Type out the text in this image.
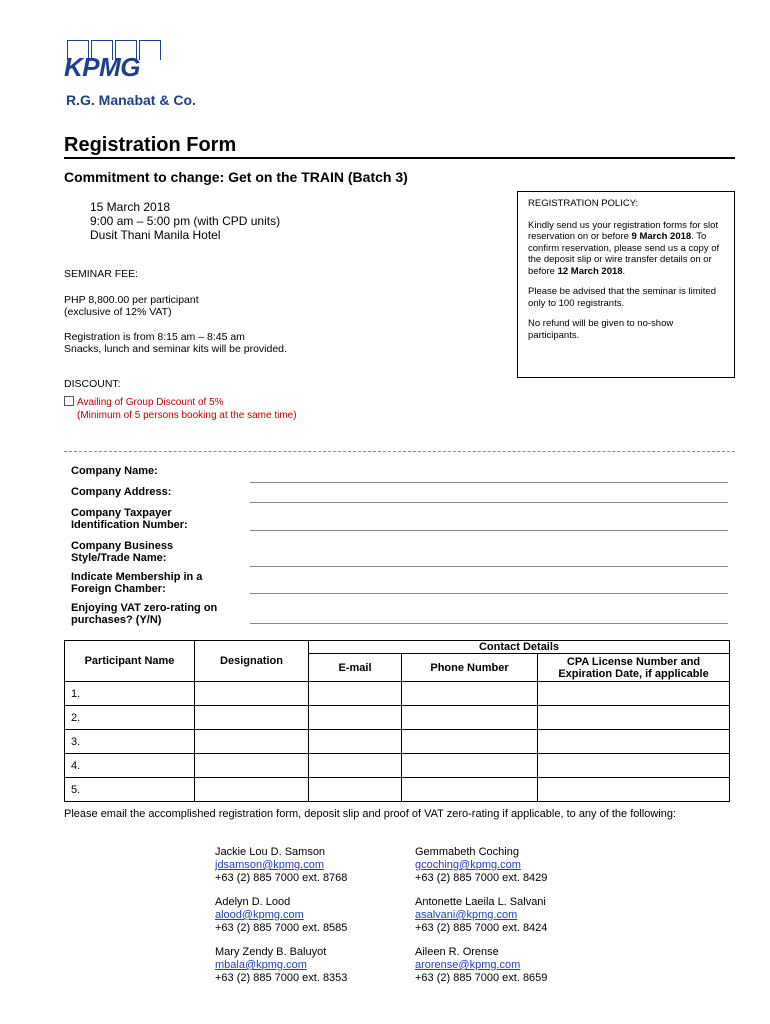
KPMG
R.G. Manabat & Co.
Registration Form
Commitment to change: Get on the TRAIN (Batch 3)
15 March 2018
9:00 am – 5:00 pm (with CPD units)
Dusit Thani Manila Hotel
SEMINAR FEE:
PHP 8,800.00 per participant
(exclusive of 12% VAT)
Registration is from 8:15 am – 8:45 am
Snacks, lunch and seminar kits will be provided.

REGISTRATION POLICY:

Kindly send us your registration forms for slot reservation on or before 9 March 2018. To confirm reservation, please send us a copy of the deposit slip or wire transfer details on or before 12 March 2018.

Please be advised that the seminar is limited only to 100 registrants.

No refund will be given to no-show participants.

DISCOUNT:
Availing of Group Discount of 5%
(Minimum of 5 persons booking at the same time)
Company Name:
Company Address:
Company Taxpayer
Identification Number:
Company Business
Style/Trade Name:
Indicate Membership in a
Foreign Chamber:
Enjoying VAT zero-rating on
purchases? (Y/N)
Participant Name	Designation	Contact Details		
		E-mail	Phone Number	CPA License Number and
Expiration Date, if applicable

1.				
2.				
3.				
4.				
5.				
Please email the accomplished registration form, deposit slip and proof of VAT zero-rating if applicable, to any of the following:
Jackie Lou D. Samson
jdsamson@kpmg.com
+63 (2) 885 7000 ext. 8768
Gemmabeth Coching
gcoching@kpmg.com
+63 (2) 885 7000 ext. 8429
Adelyn D. Lood
alood@kpmg.com
+63 (2) 885 7000 ext. 8585
Antonette Laeila L. Salvani
asalvani@kpmg.com
+63 (2) 885 7000 ext. 8424
Mary Zendy B. Baluyot
mbala@kpmg.com
+63 (2) 885 7000 ext. 8353
Aileen R. Orense
arorense@kpmg.com
+63 (2) 885 7000 ext. 8659
